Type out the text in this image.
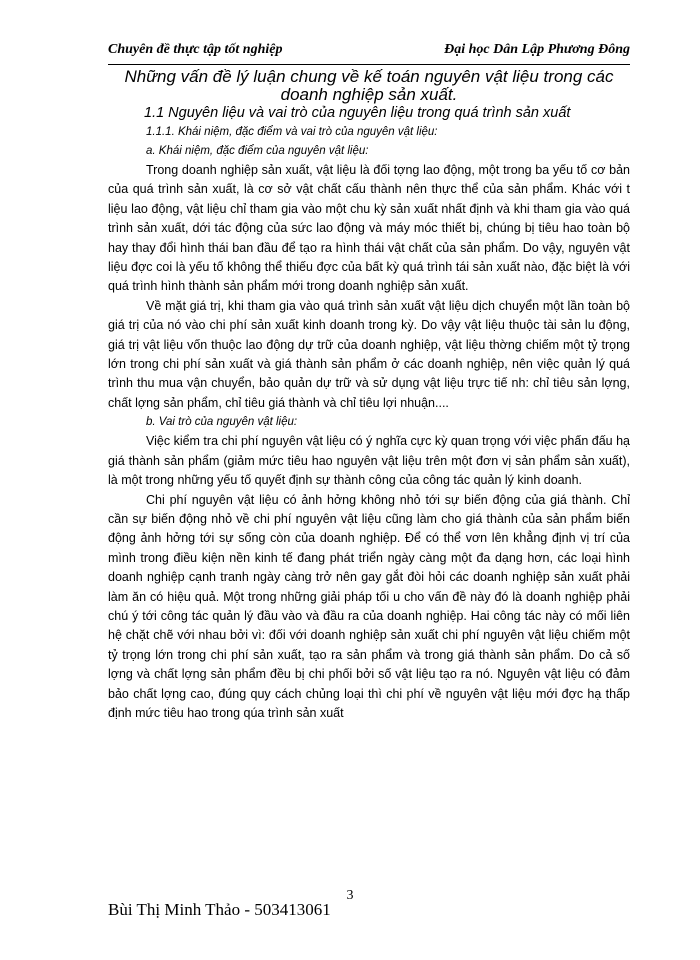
Chuyên đề thực tập tốt nghiệp	Đại học Dân Lập Phương Đông

Những vấn đề lý luận chung về kế toán nguyên vật liệu trong các doanh nghiệp sản xuất.

1.1 Nguyên liệu và vai trò của nguyên liệu trong quá trình sản xuất

1.1.1. Khái niệm, đặc điểm và vai trò của nguyên vật liệu:

a. Khái niệm, đặc điểm của nguyên vật liệu:

Trong doanh nghiệp sản xuất, vật liệu là đối tợng lao động, một trong ba yếu tố cơ bản của quá trình sản xuất, là cơ sở vật chất cấu thành nên thực thể của sản phẩm. Khác với t liệu lao động, vật liệu chỉ tham gia vào một chu kỳ sản xuất nhất định và khi tham gia vào quá trình sản xuất, dới tác động của sức lao động và máy móc thiết bị, chúng bị tiêu hao toàn bộ hay thay đổi hình thái ban đầu để tạo ra hình thái vật chất của sản phẩm. Do vậy, nguyên vật liệu đợc coi là yếu tố không thể thiếu đợc của bất kỳ quá trình tái sản xuất nào, đặc biệt là với quá trình hình thành sản phẩm mới trong doanh nghiệp sản xuất.

Về mặt giá trị, khi tham gia vào quá trình sản xuất vật liệu dịch chuyển một lần toàn bộ giá trị của nó vào chi phí sản xuất kinh doanh trong kỳ. Do vậy vật liệu thuộc tài sản lu động, giá trị vật liệu vốn thuộc lao động dự trữ của doanh nghiệp, vật liệu thờng chiếm một tỷ trọng lớn trong chi phí sản xuất và giá thành sản phẩm ở các doanh nghiệp, nên việc quản lý quá trình thu mua vận chuyển, bảo quản dự trữ và sử dụng vật liệu trực tiế nh: chỉ tiêu sản lợng, chất lợng sản phẩm, chỉ tiêu giá thành và chỉ tiêu lợi nhuận....

b. Vai trò của nguyên vật liệu:

Việc kiểm tra chi phí nguyên vật liệu có ý nghĩa cực kỳ quan trọng với việc phấn đấu hạ giá thành sản phẩm (giảm mức tiêu hao nguyên vật liệu trên một đơn vị sản phẩm sản xuất), là một trong những yếu tố quyết định sự thành công của công tác quản lý kinh doanh.

Chi phí nguyên vật liệu có ảnh hởng không nhỏ tới sự biến động của giá thành. Chỉ cần sự biến động nhỏ về chi phí nguyên vật liệu cũng làm cho giá thành của sản phẩm biến động ảnh hởng tới sự sống còn của doanh nghiệp. Để có thể vơn lên khẳng định vị trí của mình trong điều kiện nền kinh tế đang phát triển ngày càng một đa dạng hơn, các loại hình doanh nghiệp cạnh tranh ngày càng trở nên gay gắt đòi hỏi các doanh nghiệp sản xuất phải làm ăn có hiệu quả. Một trong những giải pháp tối u cho vấn đề này đó là doanh nghiệp phải chú ý tới công tác quản lý đầu vào và đầu ra của doanh nghiệp. Hai công tác này có mối liên hệ chặt chẽ với nhau bởi vì: đối với doanh nghiệp sản xuất chi phí nguyên vật liệu chiếm một tỷ trọng lớn trong chi phí sản xuất, tạo ra sản phẩm và trong giá thành sản phẩm. Do cả số lợng và chất lợng sản phẩm đều bị chi phối bởi số vật liệu tạo ra nó. Nguyên vật liệu có đảm bảo chất lợng cao, đúng quy cách chủng loại thì chi phí về nguyên vật liệu mới đợc hạ thấp định mức tiêu hao trong qúa trình sản xuất

3
Bùi Thị Minh Thảo - 503413061
